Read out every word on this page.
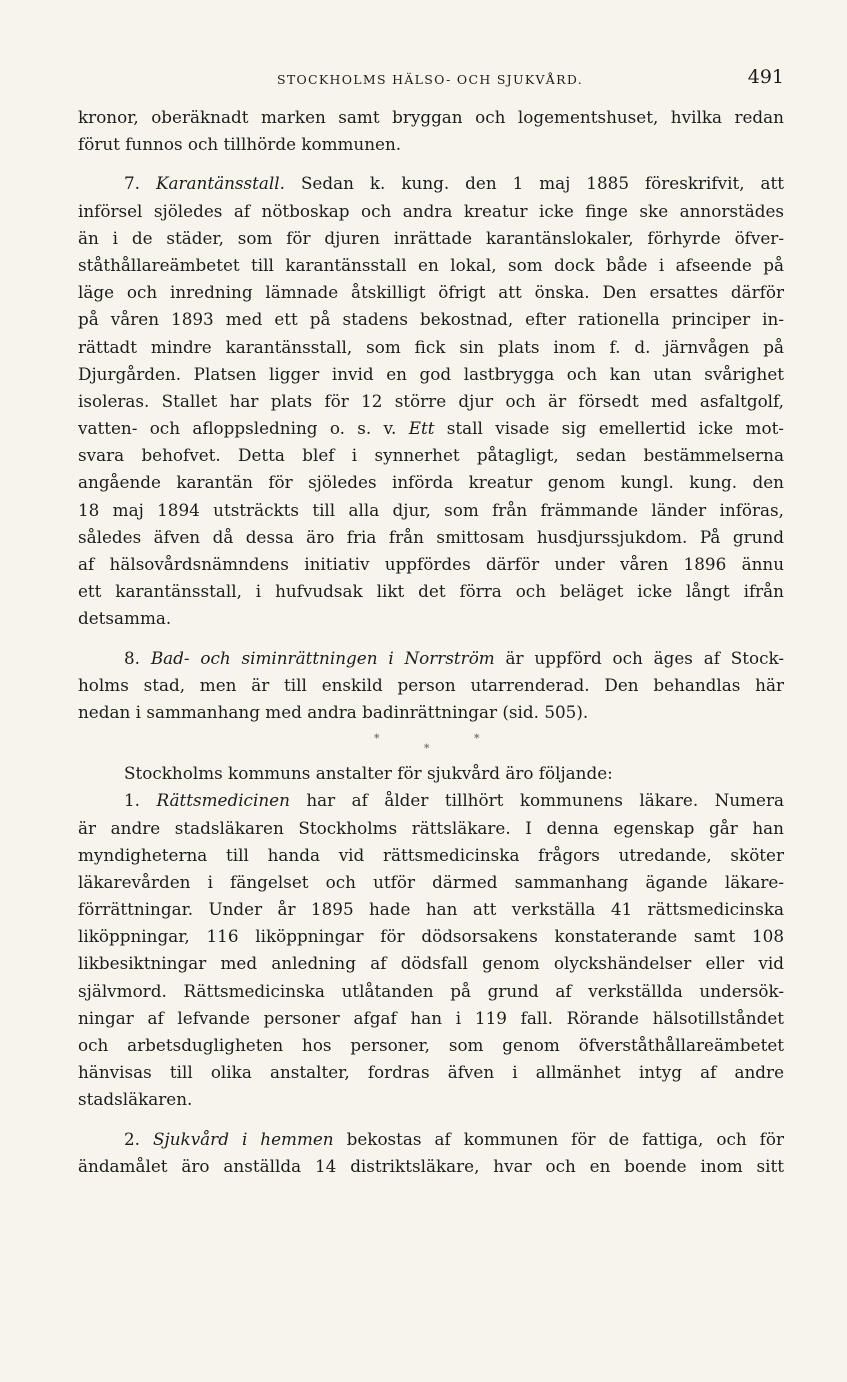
STOCKHOLMS HÄLSO- OCH SJUKVÅRD.	491
kronor, oberäknadt marken samt bryggan och logementshuset, hvilka redan
förut funnos och tillhörde kommunen.
7. Karantänsstall. Sedan k. kung. den 1 maj 1885 föreskrifvit, att
införsel sjöledes af nötboskap och andra kreatur icke finge ske annorstädes
än i de städer, som för djuren inrättade karantänslokaler, förhyrde öfver-
ståthållareämbetet till karantänsstall en lokal, som dock både i afseende på
läge och inredning lämnade åtskilligt öfrigt att önska. Den ersattes därför
på våren 1893 med ett på stadens bekostnad, efter rationella principer in-
rättadt mindre karantänsstall, som fick sin plats inom f. d. järnvågen på
Djurgården. Platsen ligger invid en god lastbrygga och kan utan svårighet
isoleras. Stallet har plats för 12 större djur och är försedt med asfaltgolf,
vatten- och afloppsledning o. s. v. Ett stall visade sig emellertid icke mot-
svara behofvet. Detta blef i synnerhet påtagligt, sedan bestämmelserna
angående karantän för sjöledes införda kreatur genom kungl. kung. den
18 maj 1894 utsträckts till alla djur, som från främmande länder införas,
således äfven då dessa äro fria från smittosam husdjurssjukdom. På grund
af hälsovårdsnämndens initiativ uppfördes därför under våren 1896 ännu
ett karantänsstall, i hufvudsak likt det förra och beläget icke långt ifrån
detsamma.
8. Bad- och siminrättningen i Norrström är uppförd och äges af Stock-
holms stad, men är till enskild person utarrenderad. Den behandlas här
nedan i sammanhang med andra badinrättningar (sid. 505).
*	*
*
Stockholms kommuns anstalter för sjukvård äro följande:
1. Rättsmedicinen har af ålder tillhört kommunens läkare. Numera
är andre stadsläkaren Stockholms rättsläkare. I denna egenskap går han
myndigheterna till handa vid rättsmedicinska frågors utredande, sköter
läkarevården i fängelset och utför därmed sammanhang ägande läkare-
förrättningar. Under år 1895 hade han att verkställa 41 rättsmedicinska
liköppningar, 116 liköppningar för dödsorsakens konstaterande samt 108
likbesiktningar med anledning af dödsfall genom olyckshändelser eller vid
självmord. Rättsmedicinska utlåtanden på grund af verkställda undersök-
ningar af lefvande personer afgaf han i 119 fall. Rörande hälsotillståndet
och arbetsdugligheten hos personer, som genom öfverståthållareämbetet
hänvisas till olika anstalter, fordras äfven i allmänhet intyg af andre
stadsläkaren.
2. Sjukvård i hemmen bekostas af kommunen för de fattiga, och för
ändamålet äro anställda 14 distriktsläkare, hvar och en boende inom sitt
